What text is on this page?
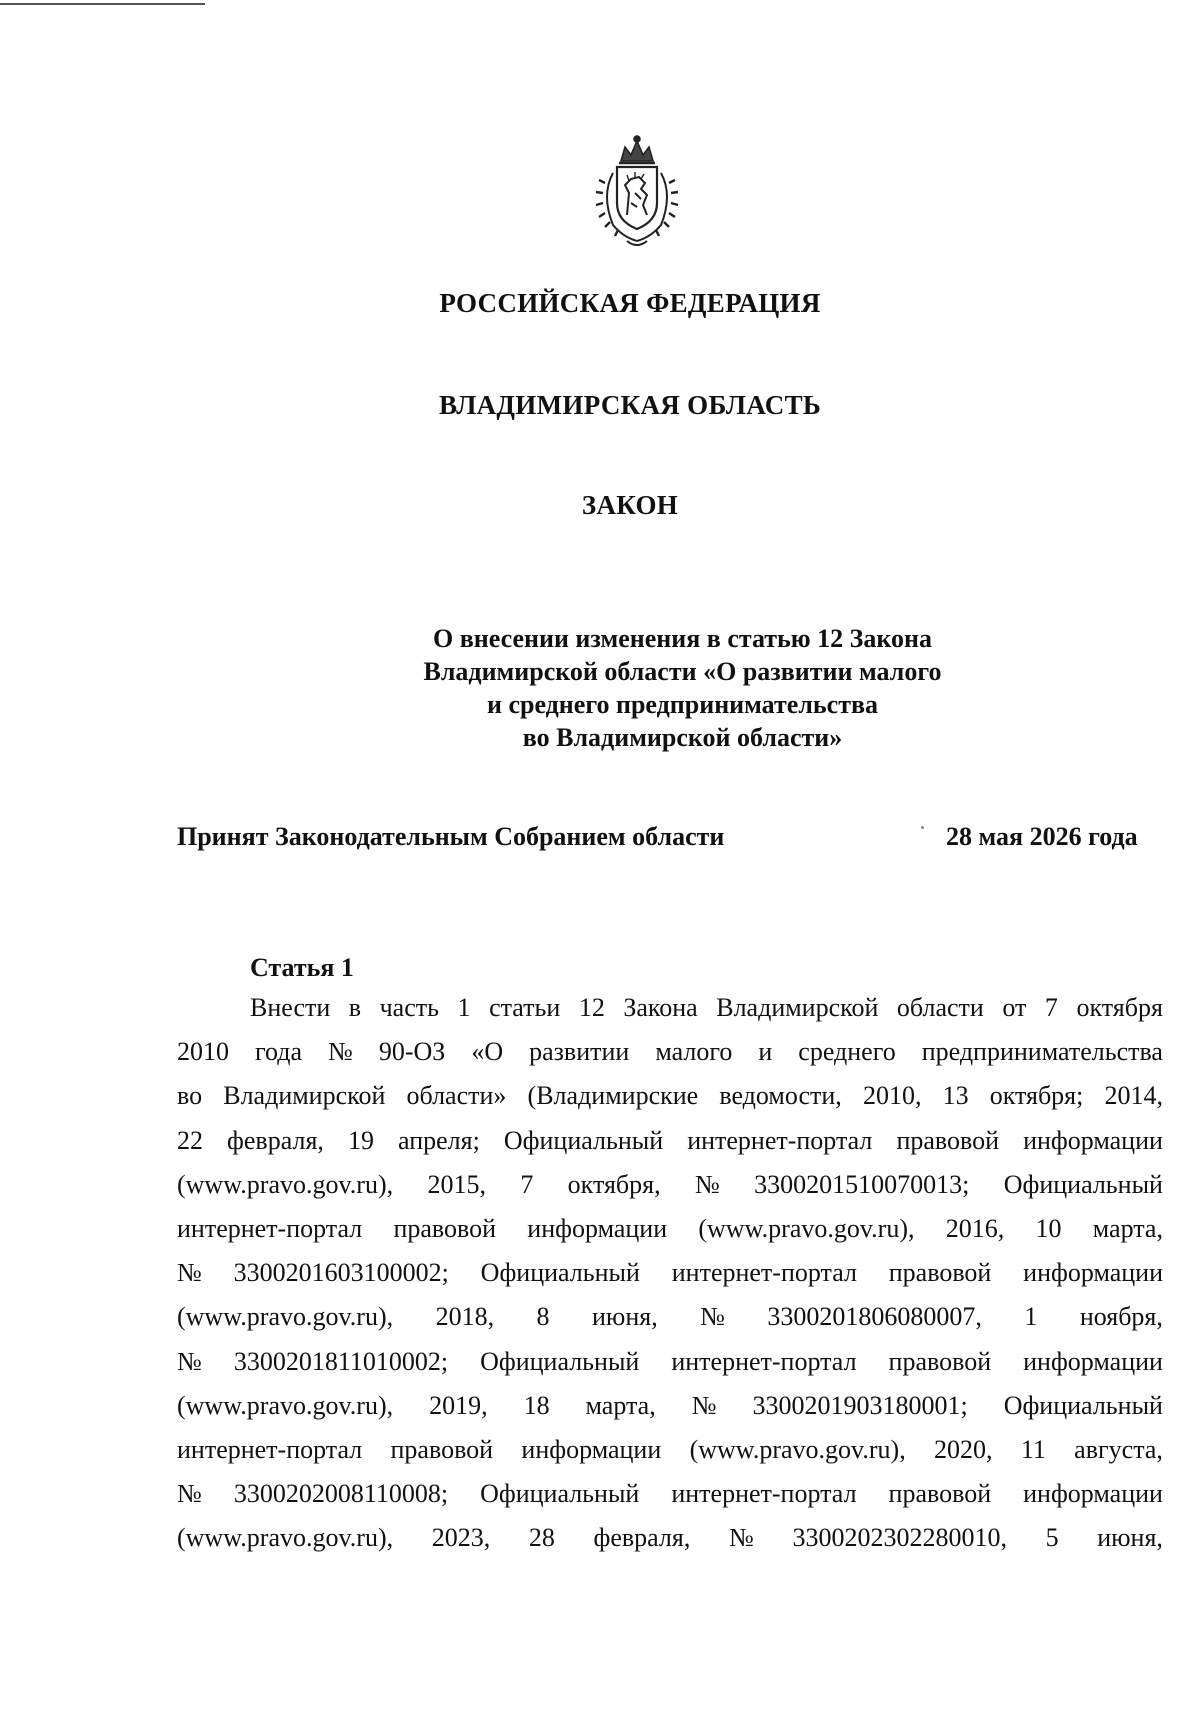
РОССИЙСКАЯ ФЕДЕРАЦИЯ
ВЛАДИМИРСКАЯ ОБЛАСТЬ
ЗАКОН
О внесении изменения в статью 12 Закона
Владимирской области «О развитии малого
и среднего предпринимательства
во Владимирской области»
Принят Законодательным Собранием области	28 мая 2026 года
Статья 1
Внести в часть 1 статьи 12 Закона Владимирской области от 7 октября
2010 года № 90-ОЗ «О развитии малого и среднего предпринимательства
во Владимирской области» (Владимирские ведомости, 2010, 13 октября; 2014,
22 февраля, 19 апреля; Официальный интернет-портал правовой информации
(www.pravo.gov.ru), 2015, 7 октября, № 3300201510070013; Официальный
интернет-портал правовой информации (www.pravo.gov.ru), 2016, 10 марта,
№ 3300201603100002; Официальный интернет-портал правовой информации
(www.pravo.gov.ru), 2018, 8 июня, № 3300201806080007, 1 ноября,
№ 3300201811010002; Официальный интернет-портал правовой информации
(www.pravo.gov.ru), 2019, 18 марта, № 3300201903180001; Официальный
интернет-портал правовой информации (www.pravo.gov.ru), 2020, 11 августа,
№ 3300202008110008; Официальный интернет-портал правовой информации
(www.pravo.gov.ru), 2023, 28 февраля, № 3300202302280010, 5 июня,
